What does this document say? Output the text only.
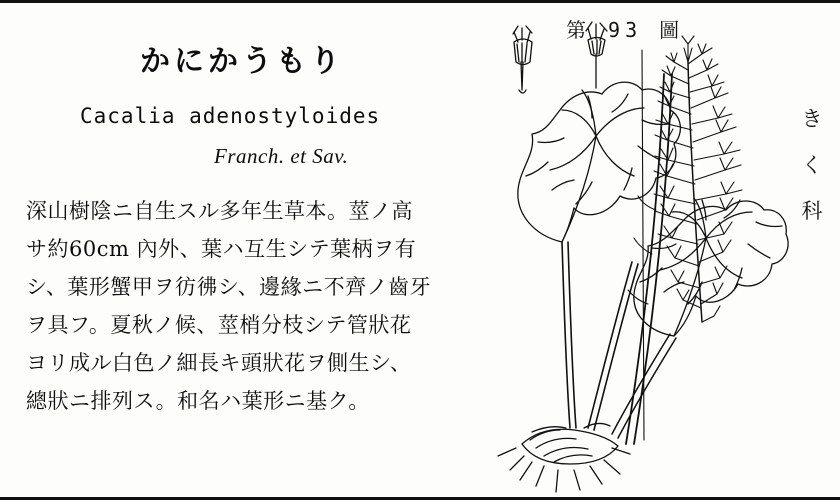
かにかうもり
Cacalia adenostyloides
Franch. et Sav.
深山樹陰ニ自生スル多年生草本。莖ノ高
サ約60cm 內外、葉ハ互生シテ葉柄ヲ有
シ、葉形蟹甲ヲ彷彿シ、邊緣ニ不齊ノ齒牙
ヲ具フ。夏秋ノ候、莖梢分枝シテ管狀花
ヨリ成ル白色ノ細長キ頭狀花ヲ側生シ、
總狀ニ排列ス。和名ハ葉形ニ基ク。
第 93 圖
き
く
科
